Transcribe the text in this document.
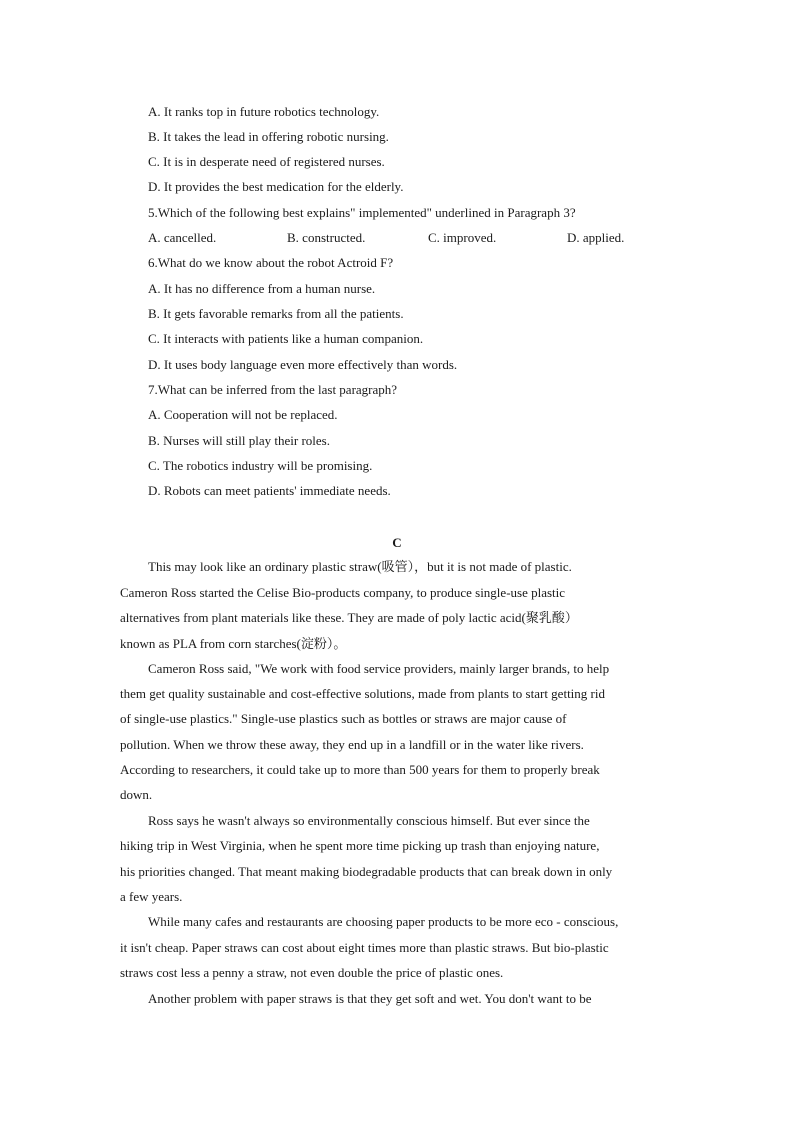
A. It ranks top in future robotics technology.
B. It takes the lead in offering robotic nursing.
C. It is in desperate need of registered nurses.
D. It provides the best medication for the elderly.
5.Which of the following best explains" implemented" underlined in Paragraph 3?
A. cancelled.	B. constructed.	C. improved.	D. applied.
6.What do we know about the robot Actroid F?
A. It has no difference from a human nurse.
B. It gets favorable remarks from all the patients.
C. It interacts with patients like a human companion.
D. It uses body language even more effectively than words.
7.What can be inferred from the last paragraph?
A. Cooperation will not be replaced.
B. Nurses will still play their roles.
C. The robotics industry will be promising.
D. Robots can meet patients' immediate needs.
C
This may look like an ordinary plastic straw(吸管），but it is not made of plastic.
Cameron Ross started the Celise Bio-products company, to produce single-use plastic
alternatives from plant materials like these. They are made of poly lactic acid(聚乳酸）
known as PLA from corn starches(淀粉）。
Cameron Ross said, "We work with food service providers, mainly larger brands, to help
them get quality sustainable and cost-effective solutions, made from plants to start getting rid
of single-use plastics." Single-use plastics such as bottles or straws are major cause of
pollution. When we throw these away, they end up in a landfill or in the water like rivers.
According to researchers, it could take up to more than 500 years for them to properly break
down.
Ross says he wasn't always so environmentally conscious himself. But ever since the
hiking trip in West Virginia, when he spent more time picking up trash than enjoying nature,
his priorities changed. That meant making biodegradable products that can break down in only
a few years.
While many cafes and restaurants are choosing paper products to be more eco - conscious,
it isn't cheap. Paper straws can cost about eight times more than plastic straws. But bio-plastic
straws cost less a penny a straw, not even double the price of plastic ones.
Another problem with paper straws is that they get soft and wet. You don't want to be
